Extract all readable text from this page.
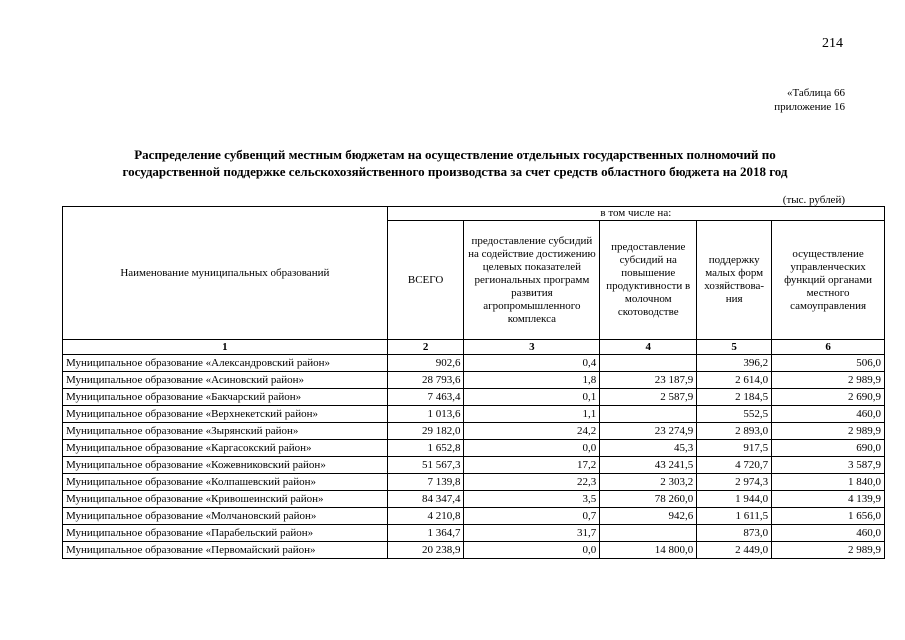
214
«Таблица 66
приложение 16
Распределение субвенций местным бюджетам на осуществление отдельных государственных полномочий по
государственной поддержке сельскохозяйственного производства за счет средств областного бюджета на 2018 год
(тыс. рублей)
Наименование муниципальных образований	в том числе на:				
	ВСЕГО	предоставление субсидий на содействие достижению целевых показателей региональных программ развития агропромышленного комплекса	предоставление субсидий на повышение продуктивности в молочном скотоводстве	поддержку малых форм хозяйствова-ния	осуществление управленческих функций органами местного самоуправления
1	2	3	4	5	6
Муниципальное образование «Александровский район»	902,6	0,4		396,2	506,0
Муниципальное образование «Асиновский район»	28 793,6	1,8	23 187,9	2 614,0	2 989,9
Муниципальное образование «Бакчарский район»	7 463,4	0,1	2 587,9	2 184,5	2 690,9
Муниципальное образование «Верхнекетский район»	1 013,6	1,1		552,5	460,0
Муниципальное образование «Зырянский район»	29 182,0	24,2	23 274,9	2 893,0	2 989,9
Муниципальное образование «Каргасокский район»	1 652,8	0,0	45,3	917,5	690,0
Муниципальное образование «Кожевниковский район»	51 567,3	17,2	43 241,5	4 720,7	3 587,9
Муниципальное образование «Колпашевский район»	7 139,8	22,3	2 303,2	2 974,3	1 840,0
Муниципальное образование «Кривошеинский район»	84 347,4	3,5	78 260,0	1 944,0	4 139,9
Муниципальное образование «Молчановский район»	4 210,8	0,7	942,6	1 611,5	1 656,0
Муниципальное образование «Парабельский район»	1 364,7	31,7		873,0	460,0
Муниципальное образование «Первомайский район»	20 238,9	0,0	14 800,0	2 449,0	2 989,9
